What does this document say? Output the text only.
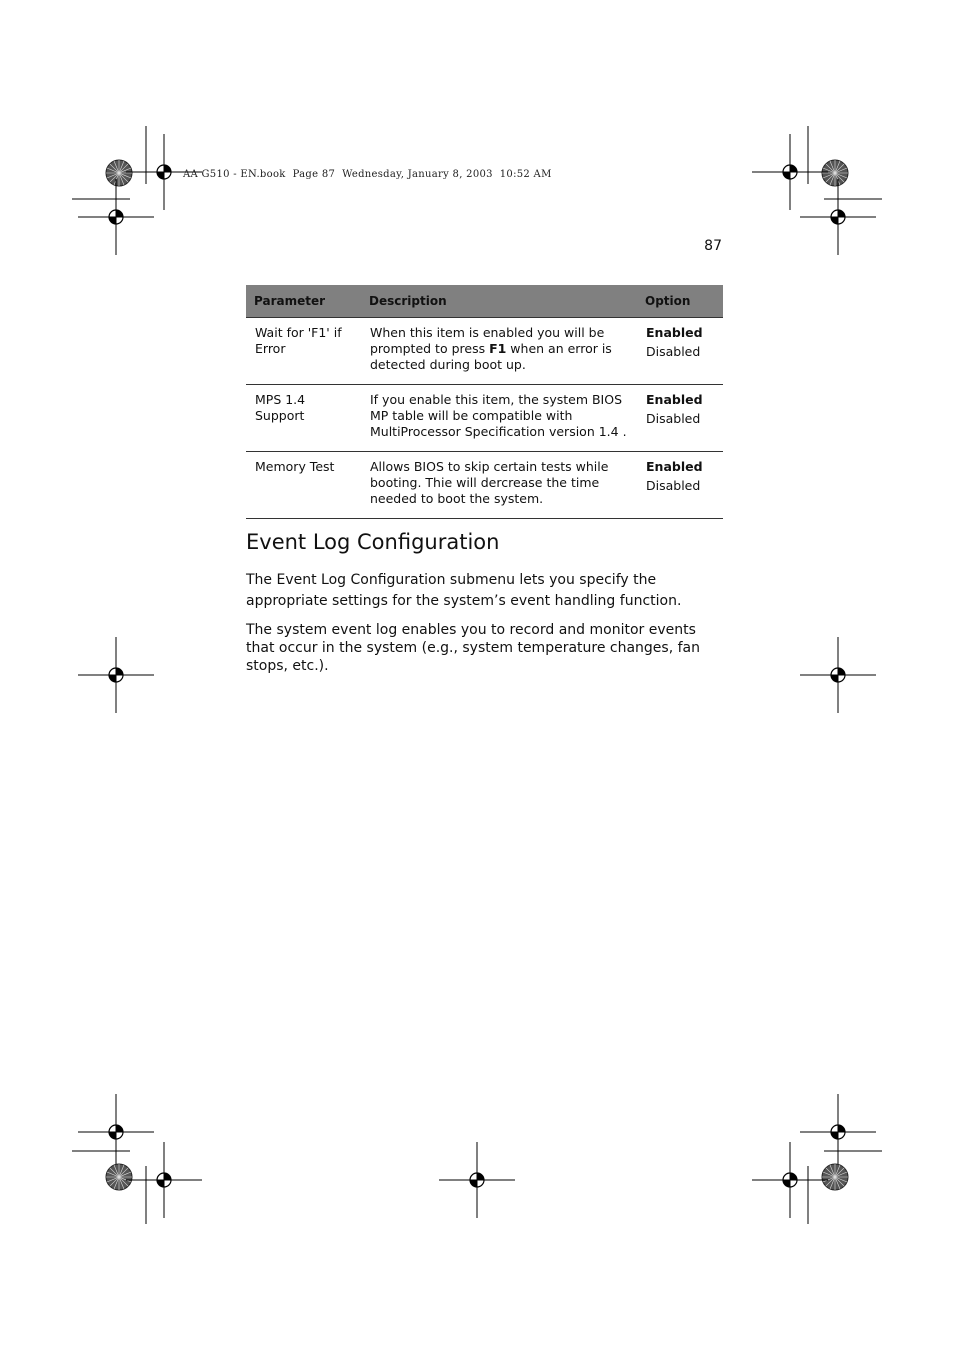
AA G510 - EN.book  Page 87  Wednesday, January 8, 2003  10:52 AM
87
Parameter	Description	Option
Wait for 'F1' if Error	When this item is enabled you will be prompted to press F1 when an error is detected during boot up.	Enabled
Disabled

MPS 1.4 Support	If you enable this item, the system BIOS MP table will be compatible with MultiProcessor Specification version 1.4 .	Enabled
Disabled

Memory Test	Allows BIOS to skip certain tests while booting. Thie will dercrease the time needed to boot the system.	Enabled
Disabled
Event Log Configuration

The Event Log Configuration submenu lets you specify the appropriate settings for the system’s event handling function.

The system event log enables you to record and monitor events that occur in the system (e.g., system temperature changes, fan stops, etc.).
